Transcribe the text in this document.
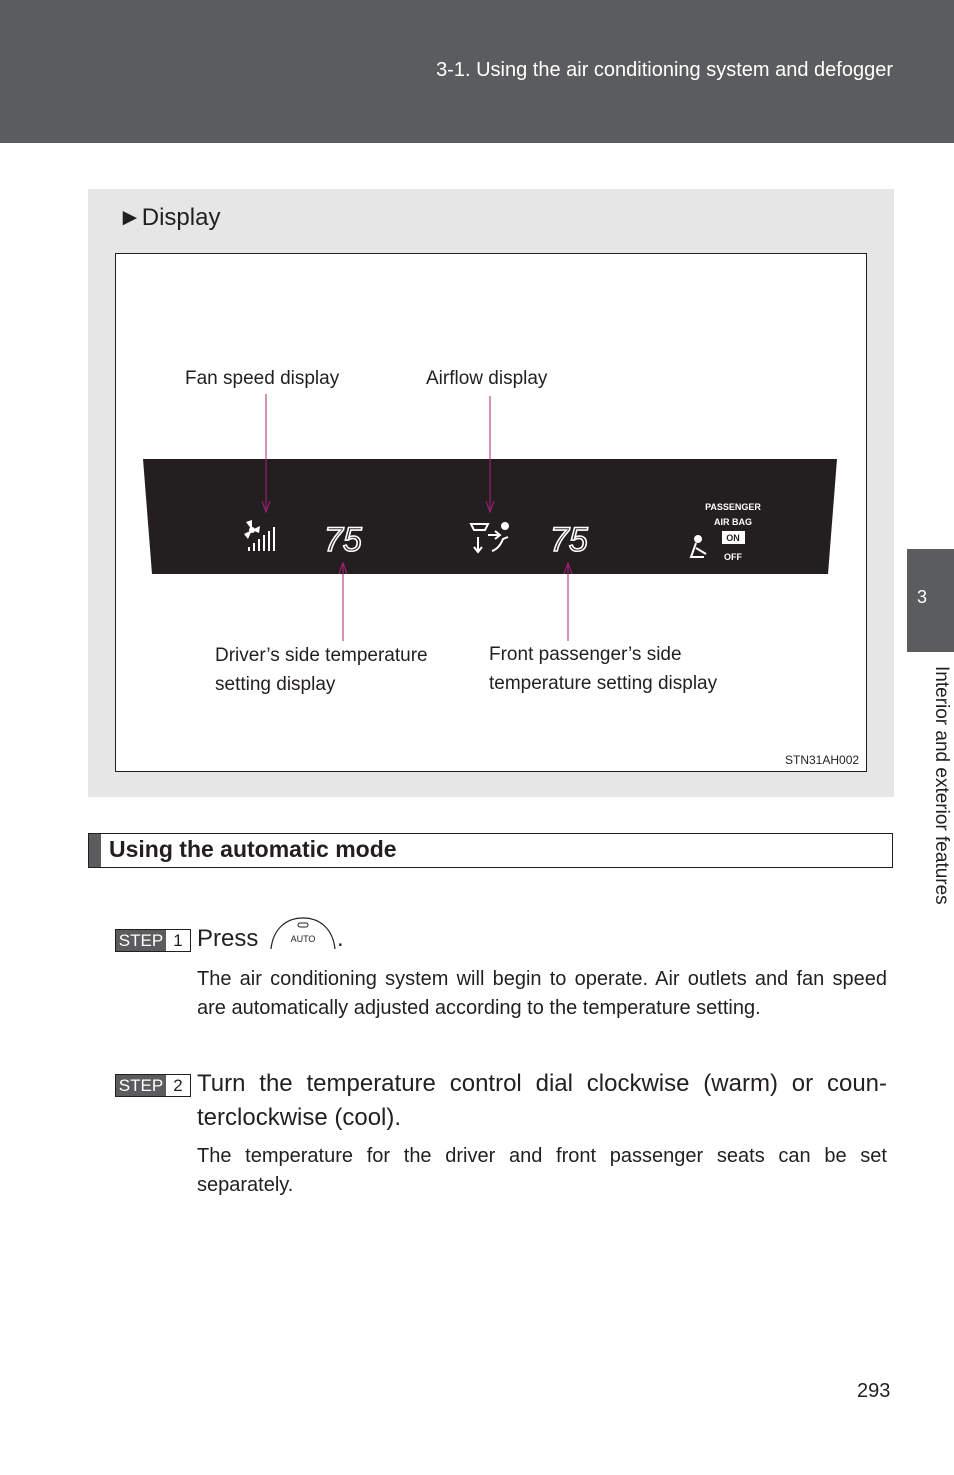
3-1. Using the air conditioning system and defogger
3
Interior and exterior features
►Display
75	75
PASSENGER
AIR BAG
ON
OFF
Fan speed display	Airflow display
Driver’s side temperature
setting display
Front passenger’s side
temperature setting display
STN31AH002
Using the automatic mode
STEP 1 Press	AUTO .
The air conditioning system will begin to operate. Air outlets and fan speed are automatically adjusted according to the temperature setting.
STEP 2 Turn the temperature control dial clockwise (warm) or coun-
terclockwise (cool).
The temperature for the driver and front passenger seats can be set separately.
293
